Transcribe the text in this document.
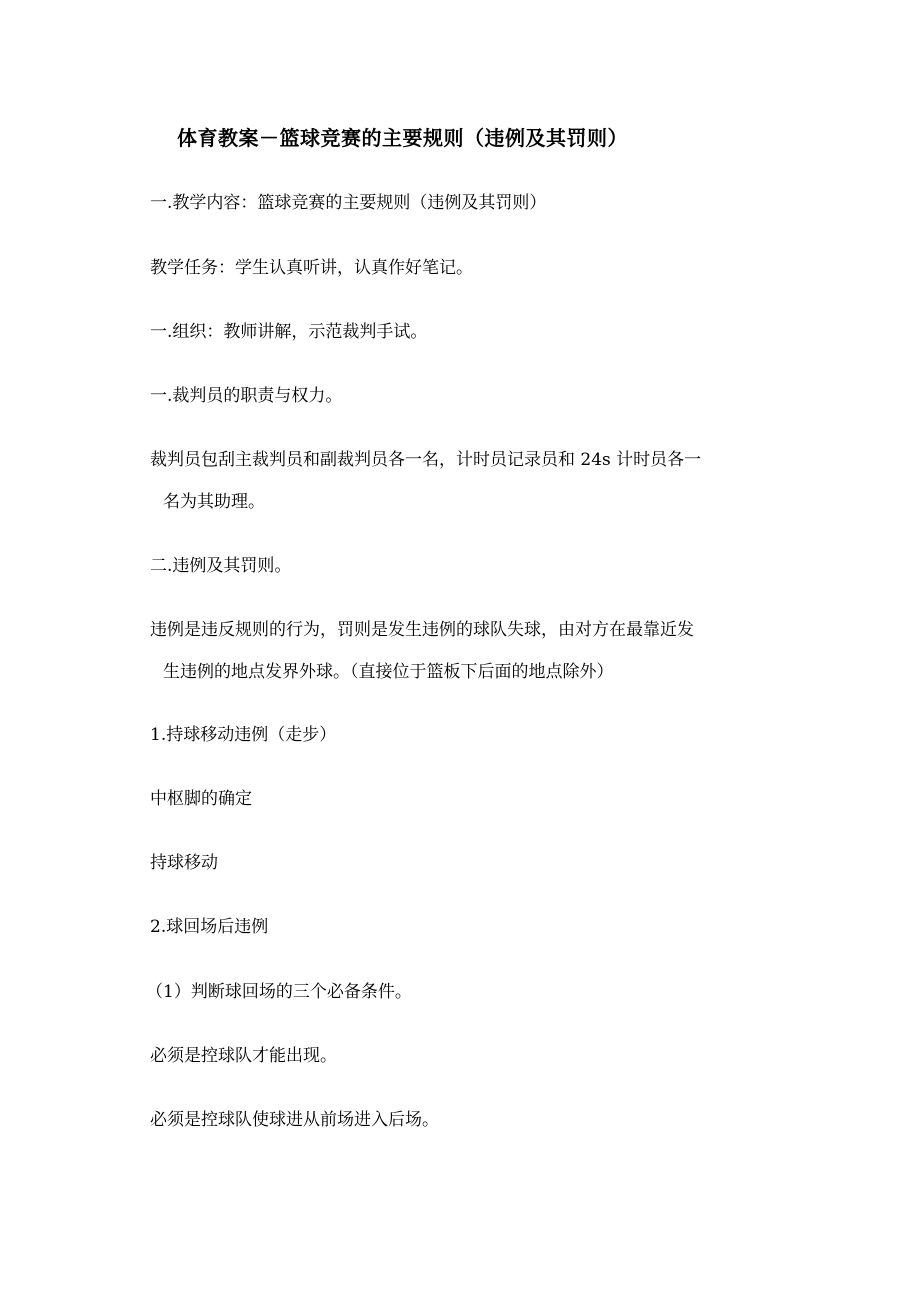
体育教案－篮球竞赛的主要规则（违例及其罚则）
一.教学内容：篮球竞赛的主要规则（违例及其罚则）
教学任务：学生认真听讲，认真作好笔记。
一.组织：教师讲解，示范裁判手试。
一.裁判员的职责与权力。
裁判员包刮主裁判员和副裁判员各一名，计时员记录员和 24s 计时员各一
名为其助理。
二.违例及其罚则。
违例是违反规则的行为，罚则是发生违例的球队失球，由对方在最靠近发
生违例的地点发界外球。（直接位于篮板下后面的地点除外）
1.持球移动违例（走步）
中枢脚的确定
持球移动
2.球回场后违例
（1）判断球回场的三个必备条件。
必须是控球队才能出现。
必须是控球队使球进从前场进入后场。
